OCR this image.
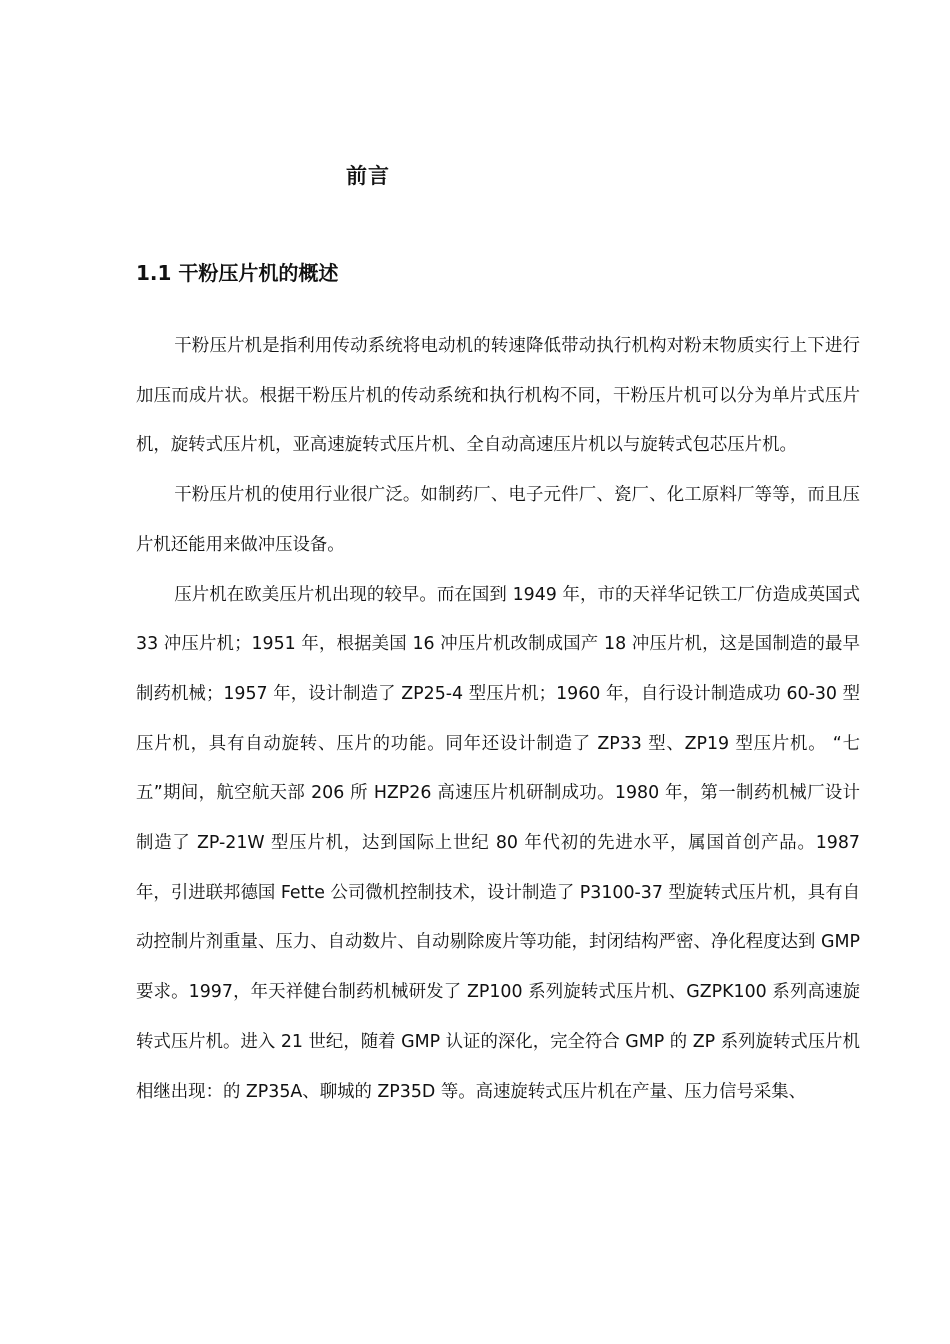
前言
1.1 干粉压片机的概述

干粉压片机是指利用传动系统将电动机的转速降低带动执行机构对粉末物质实行上下进行加压而成片状。根据干粉压片机的传动系统和执行机构不同，干粉压片机可以分为单片式压片机，旋转式压片机，亚高速旋转式压片机、全自动高速压片机以与旋转式包芯压片机。

干粉压片机的使用行业很广泛。如制药厂、电子元件厂、瓷厂、化工原料厂等等，而且压片机还能用来做冲压设备。

压片机在欧美压片机出现的较早。而在国到 1949 年，市的天祥华记铁工厂仿造成英国式 33 冲压片机；1951 年，根据美国 16 冲压片机改制成国产 18 冲压片机，这是国制造的最早制药机械；1957 年，设计制造了 ZP25-4 型压片机；1960 年，自行设计制造成功 60-30 型压片机，具有自动旋转、压片的功能。同年还设计制造了 ZP33 型、ZP19 型压片机。 “七五”期间，航空航天部 206 所 HZP26 高速压片机研制成功。1980 年，第一制药机械厂设计制造了 ZP-21W 型压片机，达到国际上世纪 80 年代初的先进水平，属国首创产品。1987 年，引进联邦德国 Fette 公司微机控制技术，设计制造了 P3100-37 型旋转式压片机，具有自动控制片剂重量、压力、自动数片、自动剔除废片等功能，封闭结构严密、净化程度达到 GMP 要求。1997，年天祥健台制药机械研发了 ZP100 系列旋转式压片机、GZPK100 系列高速旋转式压片机。进入 21 世纪，随着 GMP 认证的深化，完全符合 GMP 的 ZP 系列旋转式压片机相继出现：的 ZP35A、聊城的 ZP35D 等。高速旋转式压片机在产量、压力信号采集、
